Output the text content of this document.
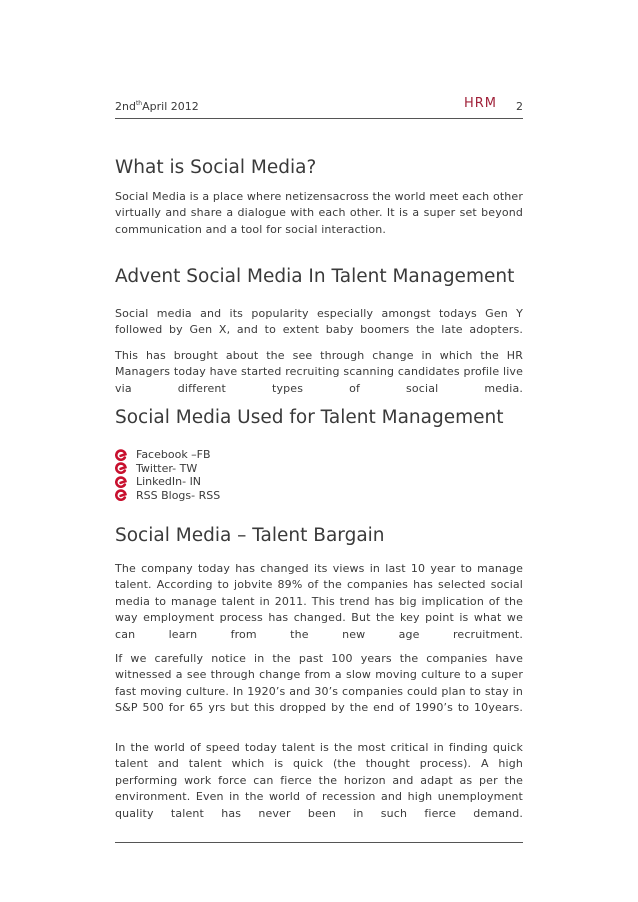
$2nd^{th}April$ 2012	HRM 2
What is Social Media?

Social Media is a place where netizensacross the world meet each other virtually and share a dialogue with each other. It is a super set beyond communication and a tool for social interaction.

Advent Social Media In Talent Management

Social media and its popularity especially amongst todays Gen Y followed by Gen X, and to extent baby boomers the late adopters.

This has brought about the see through change in which the HR Managers today have started recruiting scanning candidates profile live via different types of social media.

Social Media Used for Talent Management
Facebook –FB
Twitter- TW
LinkedIn- IN
RSS Blogs- RSS
Social Media – Talent Bargain

The company today has changed its views in last 10 year to manage talent. According to jobvite 89% of the companies has selected social media to manage talent in 2011. This trend has big implication of the way employment process has changed. But the key point is what we can learn from the new age recruitment.

If we carefully notice in the past 100 years the companies have witnessed a see through change from a slow moving culture to a super fast moving culture. In 1920’s and 30’s companies could plan to stay in S&P 500 for 65 yrs but this dropped by the end of 1990’s to 10years.

In the world of speed today talent is the most critical in finding quick talent and talent which is quick (the thought process). A high performing work force can fierce the horizon and adapt as per the environment. Even in the world of recession and high unemployment quality talent has never been in such fierce demand.
